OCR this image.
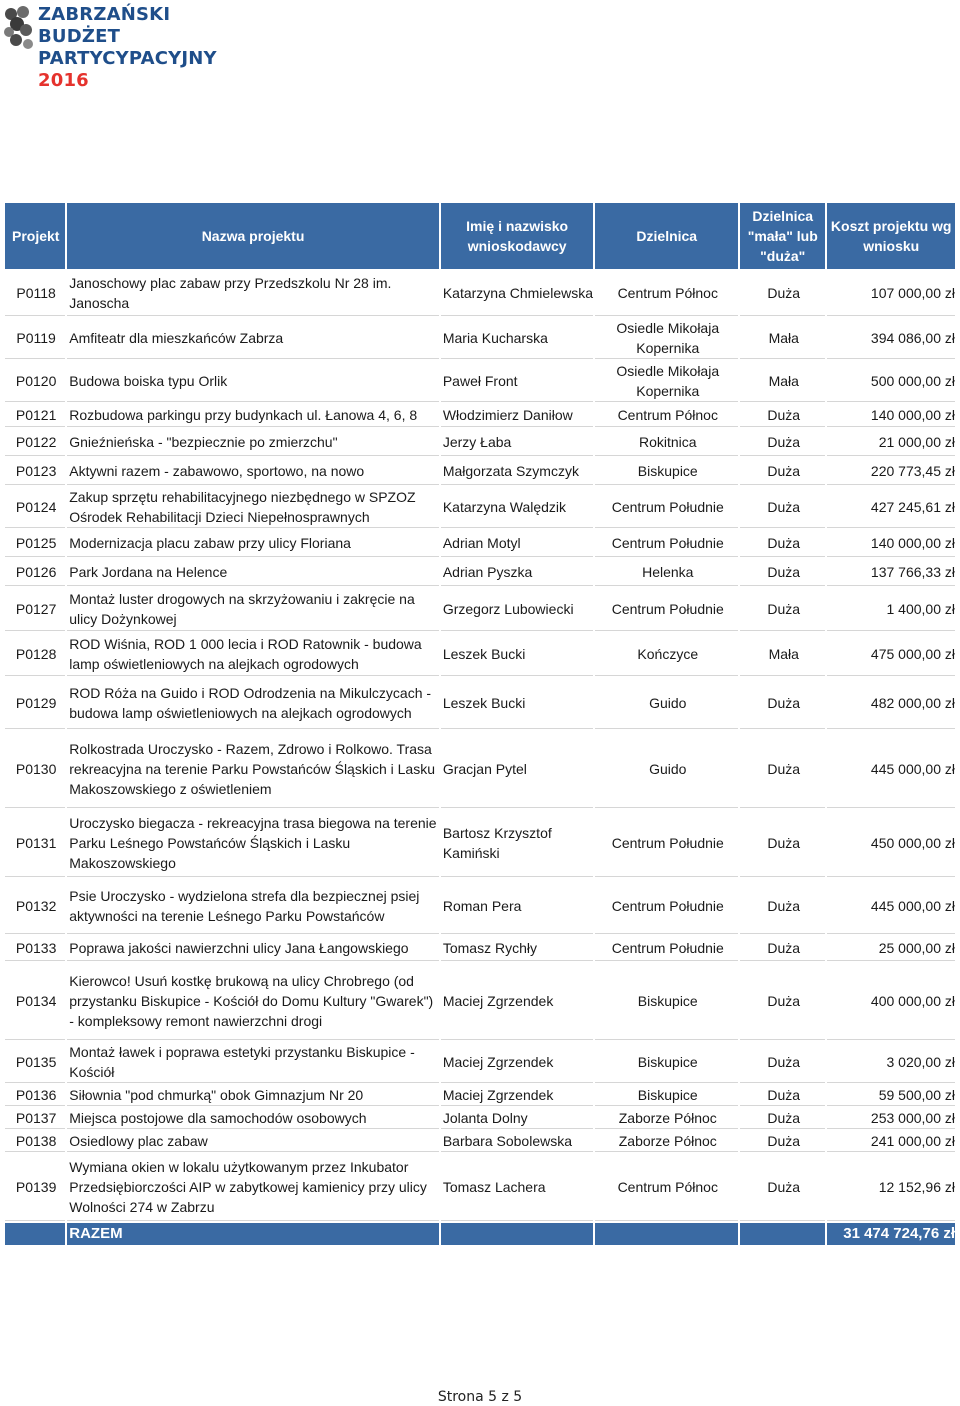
ZABRZAŃSKI BUDŻET
PARTYCYPACYJNY 2016
Projekt	Nazwa projektu	Imię i nazwisko wnioskodawcy	Dzielnica	Dzielnica "mała" lub "duża"	Koszt projektu wg wniosku
P0118	Janoschowy plac zabaw przy Przedszkolu Nr 28 im. Janoscha	Katarzyna Chmielewska	Centrum Północ	Duża	107 000,00 zł
P0119	Amfiteatr dla mieszkańców Zabrza	Maria Kucharska	Osiedle Mikołaja Kopernika	Mała	394 086,00 zł
P0120	Budowa boiska typu Orlik	Paweł Front	Osiedle Mikołaja Kopernika	Mała	500 000,00 zł
P0121	Rozbudowa parkingu przy budynkach ul. Łanowa 4, 6, 8	Włodzimierz Daniłow	Centrum Północ	Duża	140 000,00 zł
P0122	Gnieźnieńska - "bezpiecznie po zmierzchu"	Jerzy Łaba	Rokitnica	Duża	21 000,00 zł
P0123	Aktywni razem - zabawowo, sportowo, na nowo	Małgorzata Szymczyk	Biskupice	Duża	220 773,45 zł
P0124	Zakup sprzętu rehabilitacyjnego niezbędnego w SPZOZ Ośrodek Rehabilitacji Dzieci Niepełnosprawnych	Katarzyna Walędzik	Centrum Południe	Duża	427 245,61 zł
P0125	Modernizacja placu zabaw przy ulicy Floriana	Adrian Motyl	Centrum Południe	Duża	140 000,00 zł
P0126	Park Jordana na Helence	Adrian Pyszka	Helenka	Duża	137 766,33 zł
P0127	Montaż luster drogowych na skrzyżowaniu i zakręcie na ulicy Dożynkowej	Grzegorz Lubowiecki	Centrum Południe	Duża	1 400,00 zł
P0128	ROD Wiśnia, ROD 1 000 lecia i ROD Ratownik - budowa lamp oświetleniowych na alejkach ogrodowych	Leszek Bucki	Kończyce	Mała	475 000,00 zł
P0129	ROD Róża na Guido i ROD Odrodzenia na Mikulczycach - budowa lamp oświetleniowych na alejkach ogrodowych	Leszek Bucki	Guido	Duża	482 000,00 zł
P0130	Rolkostrada Uroczysko - Razem, Zdrowo i Rolkowo. Trasa rekreacyjna na terenie Parku Powstańców Śląskich i Lasku Makoszowskiego z oświetleniem	Gracjan Pytel	Guido	Duża	445 000,00 zł
P0131	Uroczysko biegacza - rekreacyjna trasa biegowa na terenie Parku Leśnego Powstańców Śląskich i Lasku Makoszowskiego	Bartosz Krzysztof Kamiński	Centrum Południe	Duża	450 000,00 zł
P0132	Psie Uroczysko - wydzielona strefa dla bezpiecznej psiej aktywności na terenie Leśnego Parku Powstańców	Roman Pera	Centrum Południe	Duża	445 000,00 zł
P0133	Poprawa jakości nawierzchni ulicy Jana Łangowskiego	Tomasz Rychły	Centrum Południe	Duża	25 000,00 zł
P0134	Kierowco! Usuń kostkę brukową na ulicy Chrobrego (od przystanku Biskupice - Kościół do Domu Kultury "Gwarek") - kompleksowy remont nawierzchni drogi	Maciej Zgrzendek	Biskupice	Duża	400 000,00 zł
P0135	Montaż ławek i poprawa estetyki przystanku Biskupice - Kościół	Maciej Zgrzendek	Biskupice	Duża	3 020,00 zł
P0136	Siłownia "pod chmurką" obok Gimnazjum Nr 20	Maciej Zgrzendek	Biskupice	Duża	59 500,00 zł
P0137	Miejsca postojowe dla samochodów osobowych	Jolanta Dolny	Zaborze Północ	Duża	253 000,00 zł
P0138	Osiedlowy plac zabaw	Barbara Sobolewska	Zaborze Północ	Duża	241 000,00 zł
P0139	Wymiana okien w lokalu użytkowanym przez Inkubator Przedsiębiorczości AIP w zabytkowej kamienicy przy ulicy Wolności 274 w Zabrzu	Tomasz Lachera	Centrum Północ	Duża	12 152,96 zł
	RAZEM				31 474 724,76 zł
Strona 5 z 5
